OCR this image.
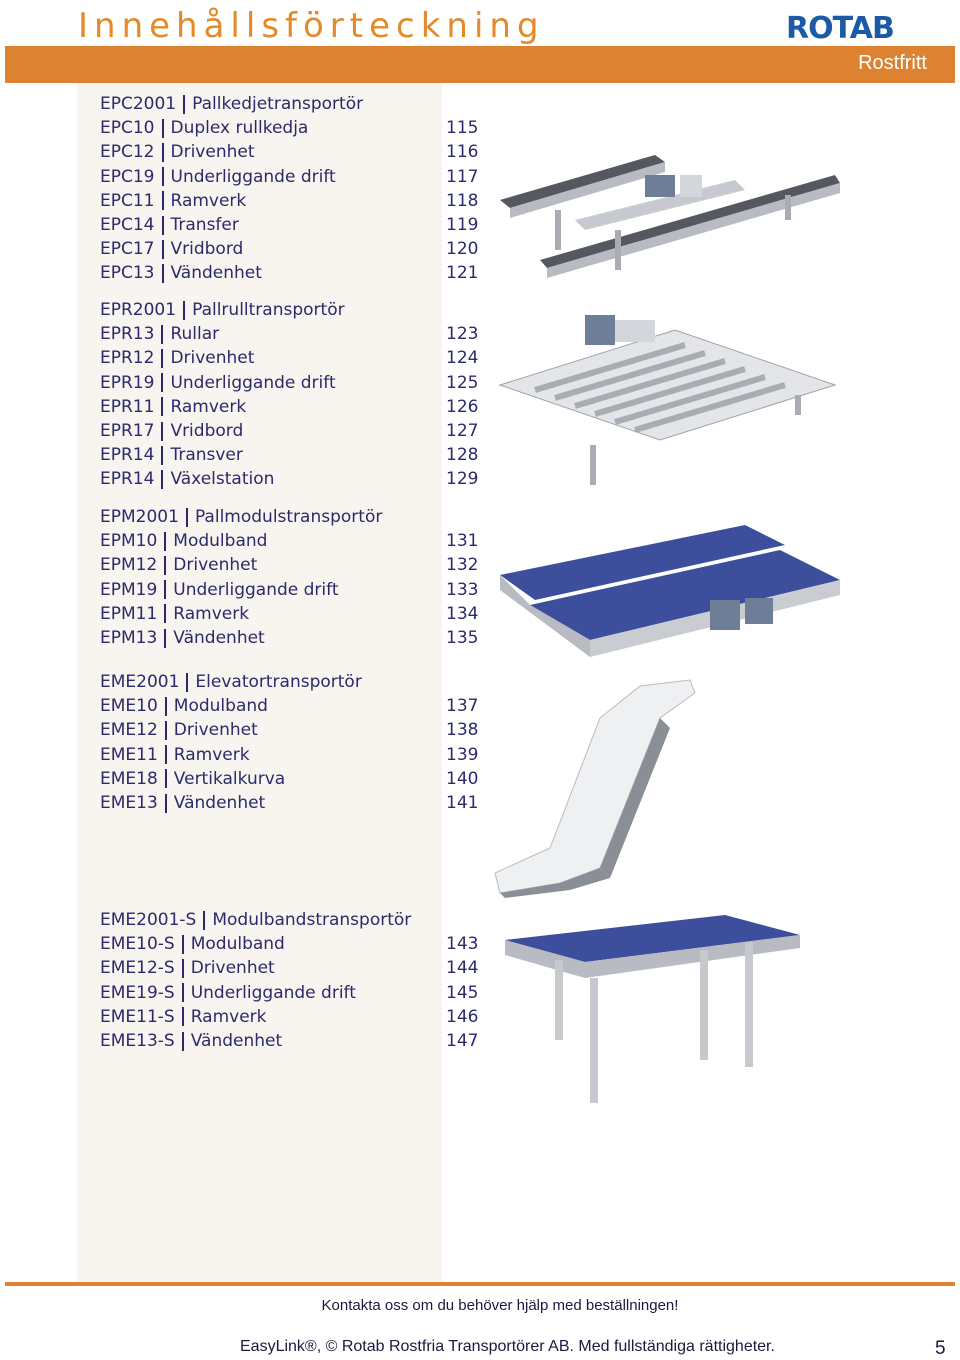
Innehållsförteckning	ROTAB
Rostfritt
EPC2001 Pallkedjetransportör
EPC10 Duplex rullkedja	115
EPC12 Drivenhet	116
EPC19 Underliggande drift	117
EPC11 Ramverk	118
EPC14 Transfer	119
EPC17 Vridbord	120
EPC13 Vändenhet	121
EPR2001 Pallrulltransportör
EPR13 Rullar	123
EPR12 Drivenhet	124
EPR19 Underliggande drift	125
EPR11 Ramverk	126
EPR17 Vridbord	127
EPR14 Transver	128
EPR14 Växelstation	129
EPM2001 Pallmodulstransportör
EPM10 Modulband	131
EPM12 Drivenhet	132
EPM19 Underliggande drift	133
EPM11 Ramverk	134
EPM13 Vändenhet	135
EME2001 Elevatortransportör
EME10 Modulband	137
EME12 Drivenhet	138
EME11 Ramverk	139
EME18 Vertikalkurva	140
EME13 Vändenhet	141
EME2001-S Modulbandstransportör
EME10-S Modulband	143
EME12-S Drivenhet	144
EME19-S Underliggande drift	145
EME11-S Ramverk	146
EME13-S Vändenhet	147
Kontakta oss om du behöver hjälp med beställningen!
EasyLink®, © Rotab Rostfria Transportörer AB. Med fullständiga rättigheter.	5
